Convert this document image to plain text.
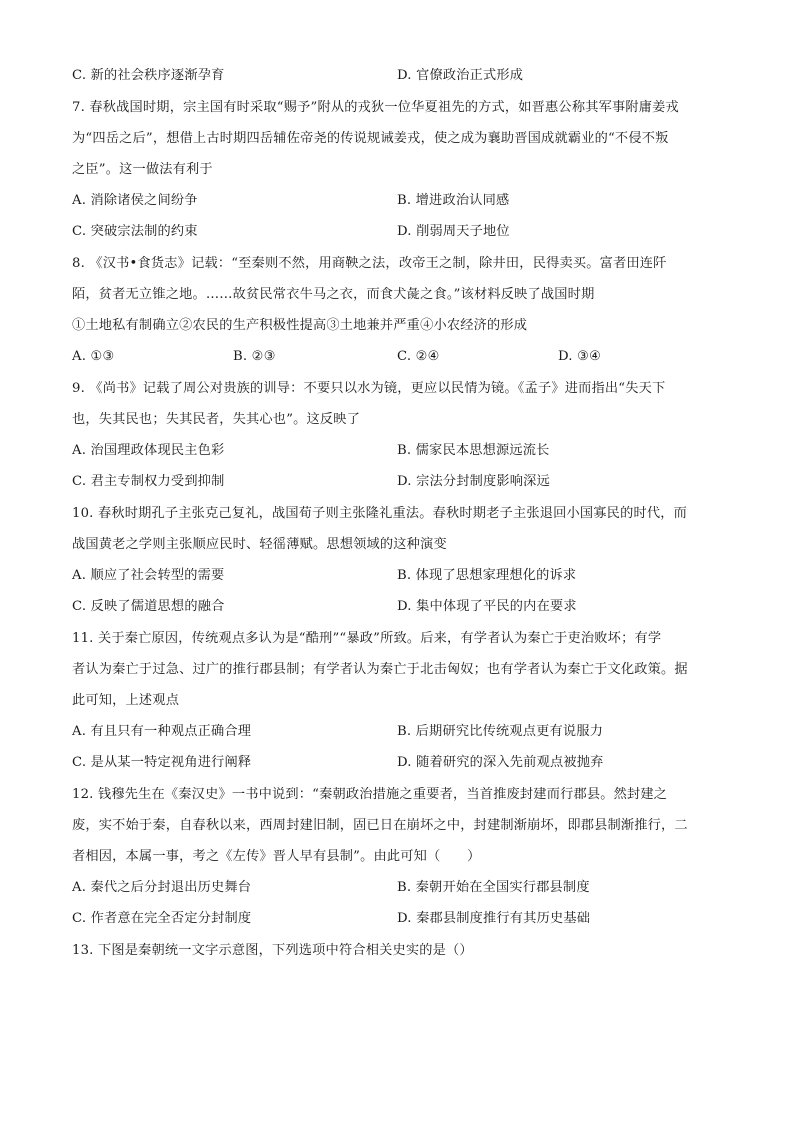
C. 新的社会秩序逐渐孕育	D. 官僚政治正式形成
7. 春秋战国时期，宗主国有时采取“赐予”附从的戎狄一位华夏祖先的方式，如晋惠公称其军事附庸姜戎
为“四岳之后”，想借上古时期四岳辅佐帝尧的传说规诫姜戎，使之成为襄助晋国成就霸业的“不侵不叛
之臣”。这一做法有利于
A. 消除诸侯之间纷争	B. 增进政治认同感
C. 突破宗法制的约束	D. 削弱周天子地位
8. 《汉书•食货志》记载：“至秦则不然，用商鞅之法，改帝王之制，除井田，民得卖买。富者田连阡
陌，贫者无立锥之地。……故贫民常衣牛马之衣，而食犬彘之食。”该材料反映了战国时期
①土地私有制确立②农民的生产积极性提高③土地兼并严重④小农经济的形成
A. ①③	B. ②③	C. ②④	D. ③④
9. 《尚书》记载了周公对贵族的训导：不要只以水为镜，更应以民情为镜。《孟子》进而指出“失天下
也，失其民也；失其民者，失其心也”。这反映了
A. 治国理政体现民主色彩	B. 儒家民本思想源远流长
C. 君主专制权力受到抑制	D. 宗法分封制度影响深远
10. 春秋时期孔子主张克己复礼，战国荀子则主张隆礼重法。春秋时期老子主张退回小国寡民的时代，而
战国黄老之学则主张顺应民时、轻徭薄赋。思想领域的这种演变
A. 顺应了社会转型的需要	B. 体现了思想家理想化的诉求
C. 反映了儒道思想的融合	D. 集中体现了平民的内在要求
11. 关于秦亡原因，传统观点多认为是“酷刑”“暴政”所致。后来，有学者认为秦亡于吏治败坏；有学
者认为秦亡于过急、过广的推行郡县制；有学者认为秦亡于北击匈奴；也有学者认为秦亡于文化政策。据
此可知，上述观点
A. 有且只有一种观点正确合理	B. 后期研究比传统观点更有说服力
C. 是从某一特定视角进行阐释	D. 随着研究的深入先前观点被抛弃
12. 钱穆先生在《秦汉史》一书中说到：“秦朝政治措施之重要者，当首推废封建而行郡县。然封建之
废，实不始于秦，自春秋以来，西周封建旧制，固已日在崩坏之中，封建制渐崩坏，即郡县制渐推行，二
者相因，本属一事，考之《左传》晋人早有县制”。由此可知（　　）
A. 秦代之后分封退出历史舞台	B. 秦朝开始在全国实行郡县制度
C. 作者意在完全否定分封制度	D. 秦郡县制度推行有其历史基础
13. 下图是秦朝统一文字示意图，下列选项中符合相关史实的是（）
